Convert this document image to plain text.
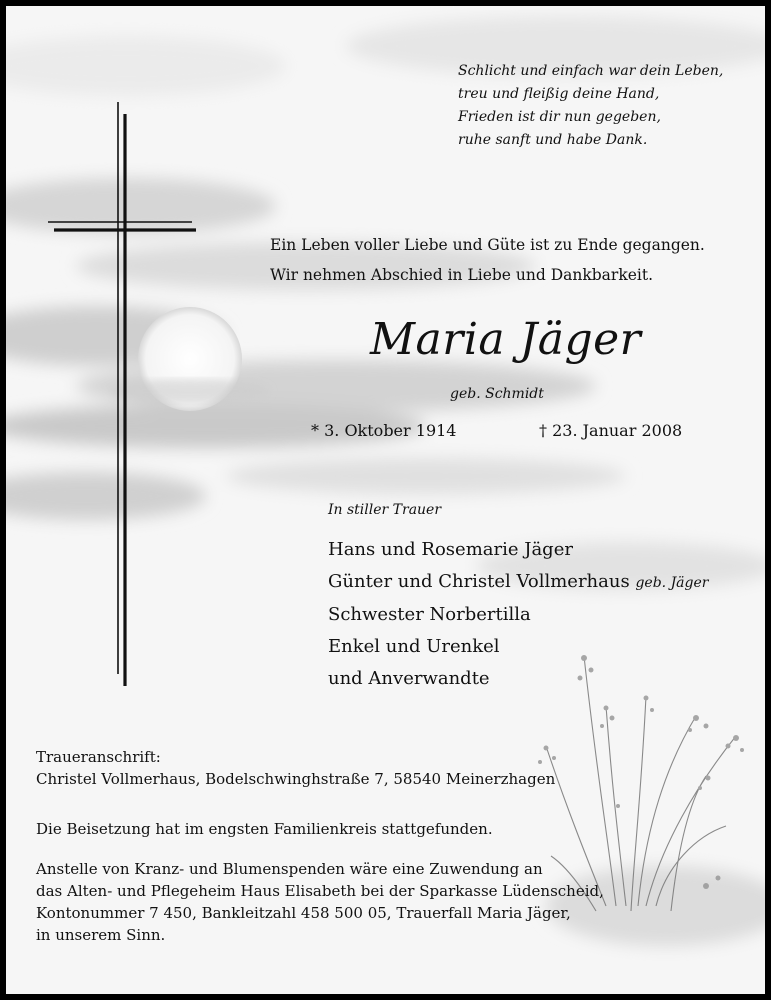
Schlicht und einfach war dein Leben,
treu und fleißig deine Hand,
Frieden ist dir nun gegeben,
ruhe sanft und habe Dank.
Ein Leben voller Liebe und Güte ist zu Ende gegangen.
Wir nehmen Abschied in Liebe und Dankbarkeit.
Maria Jäger
geb. Schmidt
* 3. Oktober 1914	† 23. Januar 2008
In stiller Trauer
Hans und Rosemarie Jäger
Günter und Christel Vollmerhaus geb. Jäger
Schwester Norbertilla
Enkel und Urenkel
und Anverwandte
Traueranschrift:
Christel Vollmerhaus, Bodelschwinghstraße 7, 58540 Meinerzhagen
Die Beisetzung hat im engsten Familienkreis stattgefunden.
Anstelle von Kranz- und Blumenspenden wäre eine Zuwendung an
das Alten- und Pflegeheim Haus Elisabeth bei der Sparkasse Lüdenscheid,
Kontonummer 7 450, Bankleitzahl 458 500 05, Trauerfall Maria Jäger,
in unserem Sinn.
